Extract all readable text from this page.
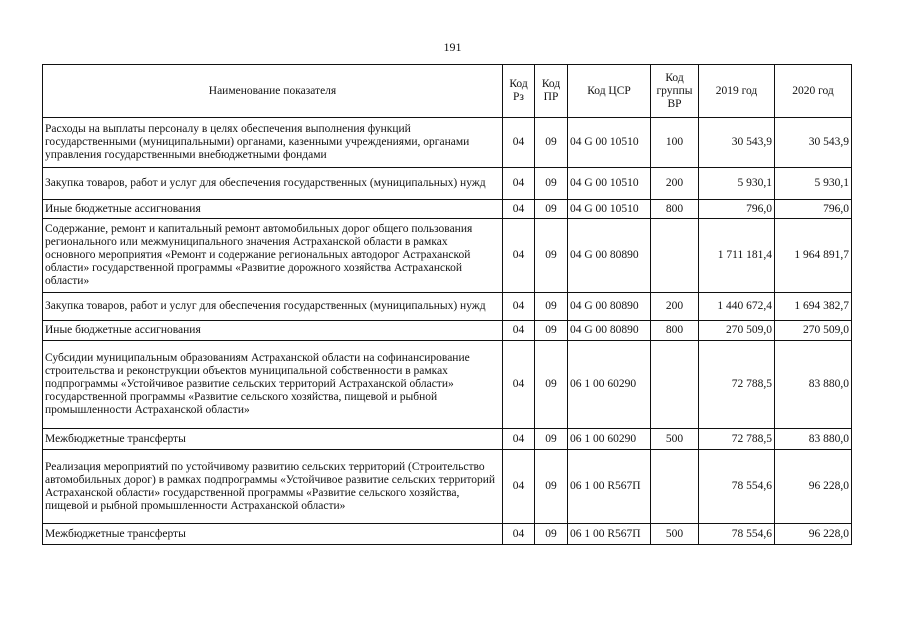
191
Наименование показателя	Код Рз	Код ПР	Код ЦСР	Код группы ВР	2019 год	2020 год
Расходы на выплаты персоналу в целях обеспечения выполнения функций государственными (муниципальными) органами, казенными учреждениями, органами управления государственными внебюджетными фондами	04	09	04 G 00 10510	100	30 543,9	30 543,9
Закупка товаров, работ и услуг для обеспечения государственных (муниципальных) нужд	04	09	04 G 00 10510	200	5 930,1	5 930,1
Иные бюджетные ассигнования	04	09	04 G 00 10510	800	796,0	796,0
Содержание, ремонт и капитальный ремонт автомобильных дорог общего пользования регионального или межмуниципального значения Астраханской области в рамках основного мероприятия «Ремонт и содержание региональных автодорог Астраханской области» государственной программы «Развитие дорожного хозяйства Астраханской области»	04	09	04 G 00 80890		1 711 181,4	1 964 891,7
Закупка товаров, работ и услуг для обеспечения государственных (муниципальных) нужд	04	09	04 G 00 80890	200	1 440 672,4	1 694 382,7
Иные бюджетные ассигнования	04	09	04 G 00 80890	800	270 509,0	270 509,0
Субсидии муниципальным образованиям Астраханской области на софинансирование строительства и реконструкции объектов муниципальной собственности в рамках подпрограммы «Устойчивое развитие сельских территорий Астраханской области» государственной программы «Развитие сельского хозяйства, пищевой и рыбной промышленности Астраханской области»	04	09	06 1 00 60290		72 788,5	83 880,0
Межбюджетные трансферты	04	09	06 1 00 60290	500	72 788,5	83 880,0
Реализация мероприятий по устойчивому развитию сельских территорий (Строительство автомобильных дорог) в рамках подпрограммы «Устойчивое развитие сельских территорий Астраханской области» государственной программы «Развитие сельского хозяйства, пищевой и рыбной промышленности Астраханской области»	04	09	06 1 00 R567П		78 554,6	96 228,0
Межбюджетные трансферты	04	09	06 1 00 R567П	500	78 554,6	96 228,0
